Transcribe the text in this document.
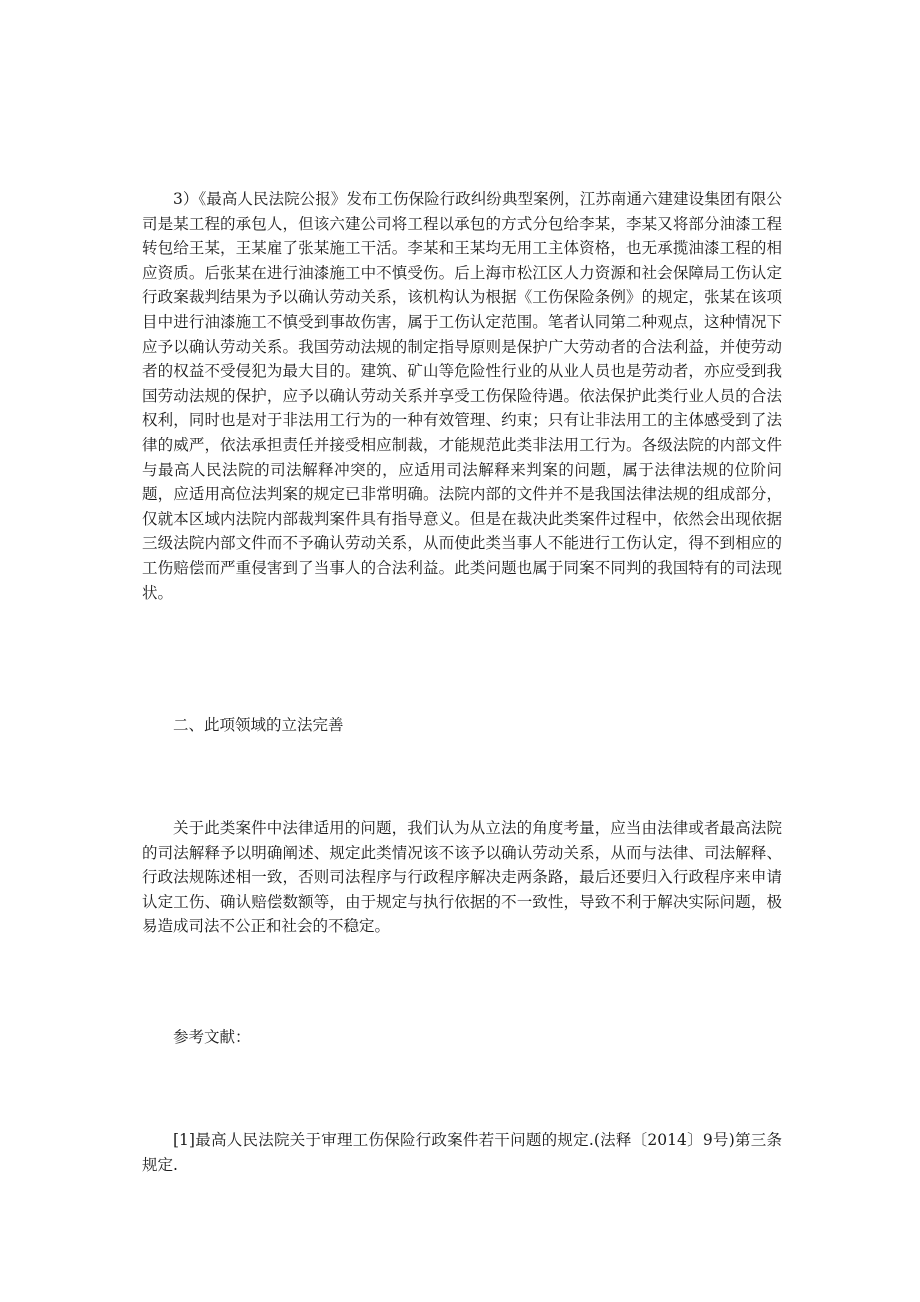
3）《最高人民法院公报》发布工伤保险行政纠纷典型案例，江苏南通六建建设集团有限公司是某工程的承包人，但该六建公司将工程以承包的方式分包给李某，李某又将部分油漆工程转包给王某，王某雇了张某施工干活。李某和王某均无用工主体资格，也无承揽油漆工程的相应资质。后张某在进行油漆施工中不慎受伤。后上海市松江区人力资源和社会保障局工伤认定行政案裁判结果为予以确认劳动关系，该机构认为根据《工伤保险条例》的规定，张某在该项目中进行油漆施工不慎受到事故伤害，属于工伤认定范围。笔者认同第二种观点，这种情况下应予以确认劳动关系。我国劳动法规的制定指导原则是保护广大劳动者的合法利益，并使劳动者的权益不受侵犯为最大目的。建筑、矿山等危险性行业的从业人员也是劳动者，亦应受到我国劳动法规的保护，应予以确认劳动关系并享受工伤保险待遇。依法保护此类行业人员的合法权利，同时也是对于非法用工行为的一种有效管理、约束；只有让非法用工的主体感受到了法律的威严，依法承担责任并接受相应制裁，才能规范此类非法用工行为。各级法院的内部文件与最高人民法院的司法解释冲突的，应适用司法解释来判案的问题，属于法律法规的位阶问题，应适用高位法判案的规定已非常明确。法院内部的文件并不是我国法律法规的组成部分，仅就本区域内法院内部裁判案件具有指导意义。但是在裁决此类案件过程中，依然会出现依据三级法院内部文件而不予确认劳动关系，从而使此类当事人不能进行工伤认定，得不到相应的工伤赔偿而严重侵害到了当事人的合法利益。此类问题也属于同案不同判的我国特有的司法现状。

二、此项领域的立法完善

关于此类案件中法律适用的问题，我们认为从立法的角度考量，应当由法律或者最高法院的司法解释予以明确阐述、规定此类情况该不该予以确认劳动关系，从而与法律、司法解释、行政法规陈述相一致，否则司法程序与行政程序解决走两条路，最后还要归入行政程序来申请认定工伤、确认赔偿数额等，由于规定与执行依据的不一致性，导致不利于解决实际问题，极易造成司法不公正和社会的不稳定。

参考文献：

[1]最高人民法院关于审理工伤保险行政案件若干问题的规定.(法释〔2014〕9号)第三条规定.
